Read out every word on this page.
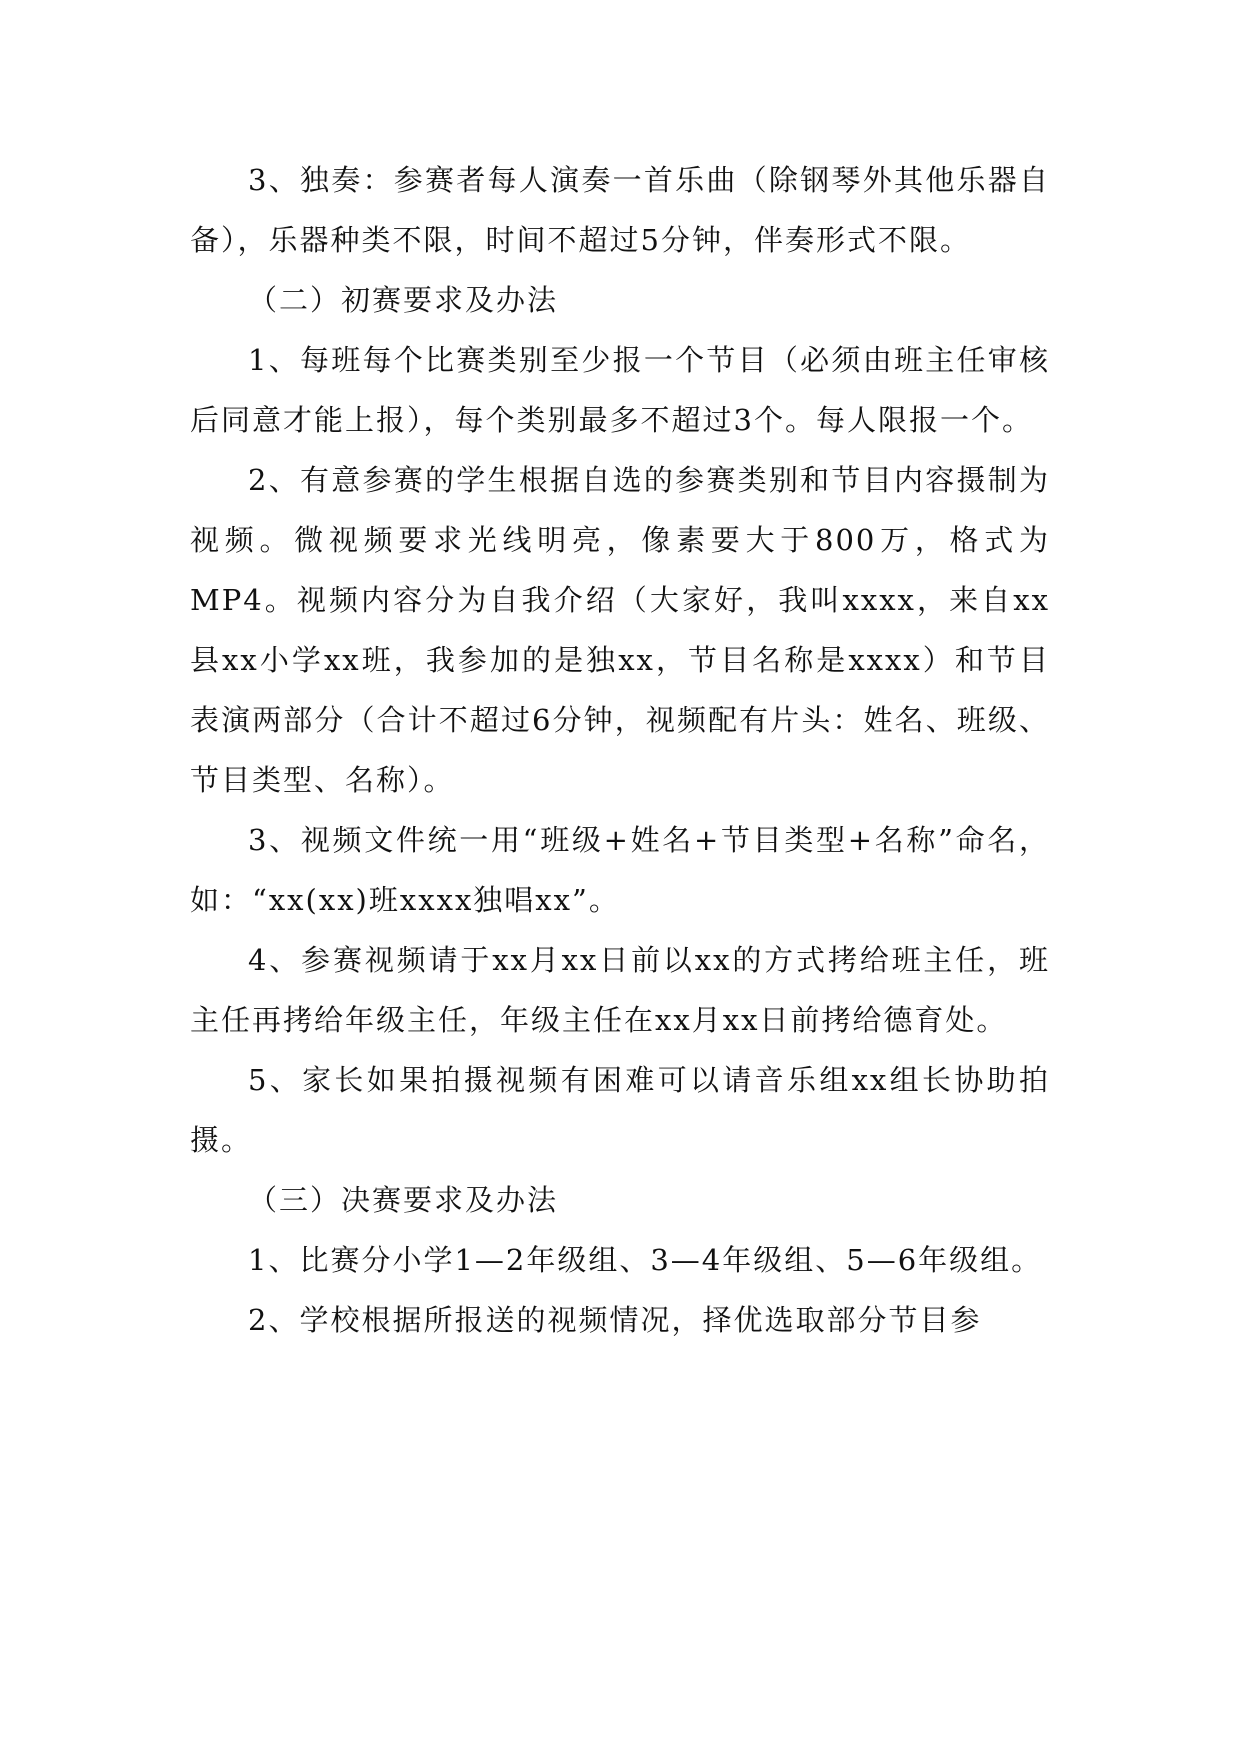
3、独奏：参赛者每人演奏一首乐曲（除钢琴外其他乐器自备），乐器种类不限，时间不超过5分钟，伴奏形式不限。

（二）初赛要求及办法

1、每班每个比赛类别至少报一个节目（必须由班主任审核后同意才能上报），每个类别最多不超过3个。每人限报一个。

2、有意参赛的学生根据自选的参赛类别和节目内容摄制为视频。微视频要求光线明亮，像素要大于800万，格式为MP4。视频内容分为自我介绍（大家好，我叫xxxx，来自xx县xx小学xx班，我参加的是独xx，节目名称是xxxx）和节目表演两部分（合计不超过6分钟，视频配有片头：姓名、班级、节目类型、名称）。

3、视频文件统一用“班级+姓名+节目类型+名称”命名，如：“xx(xx)班xxxx独唱xx”。

4、参赛视频请于xx月xx日前以xx的方式拷给班主任，班主任再拷给年级主任，年级主任在xx月xx日前拷给德育处。

5、家长如果拍摄视频有困难可以请音乐组xx组长协助拍摄。

（三）决赛要求及办法

1、比赛分小学1—2年级组、3—4年级组、5—6年级组。

2、学校根据所报送的视频情况，择优选取部分节目参
